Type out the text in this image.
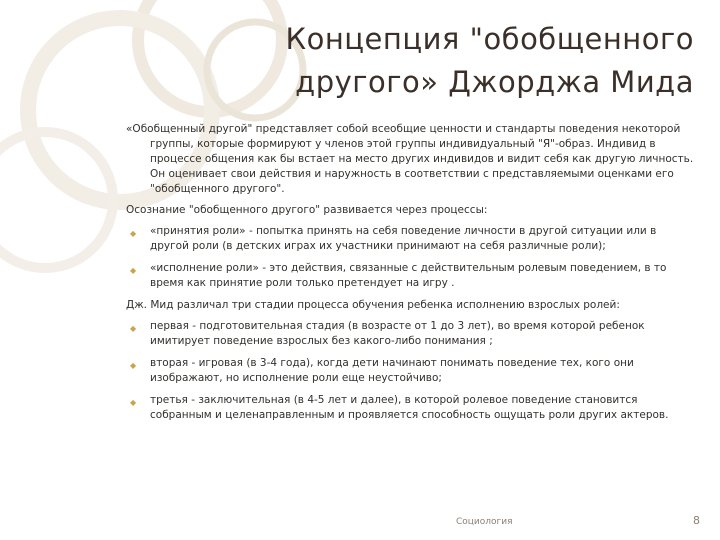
Концепция "обобщенного другого» Джорджа Мида

«Обобщенный другой" представляет собой всеобщие ценности и стандарты поведения некоторой группы, которые формируют у членов этой группы индивидуальный "Я"-образ. Индивид в процессе общения как бы встает на место других индивидов и видит себя как другую личность. Он оценивает свои действия и наружность в соответствии с представляемыми оценками его "обобщенного другого".

Осознание "обобщенного другого" развивается через процессы:

◆ «принятия роли» - попытка принять на себя поведение личности в другой ситуации или в другой роли (в детских играх их участники принимают на себя различные роли);
◆ «исполнение роли» - это действия, связанные с действительным ролевым поведением, в то время как принятие роли только претендует на игру .

Дж. Мид различал три стадии процесса обучения ребенка исполнению взрослых ролей:

◆ первая - подготовительная стадия (в возрасте от 1 до 3 лет), во время которой ребенок имитирует поведение взрослых без какого-либо понимания ;
◆ вторая - игровая (в 3-4 года), когда дети начинают понимать поведение тех, кого они изображают, но исполнение роли еще неустойчиво;
◆ третья - заключительная (в 4-5 лет и далее), в которой ролевое поведение становится собранным и целенаправленным и проявляется способность ощущать роли других актеров.
Социология	8
